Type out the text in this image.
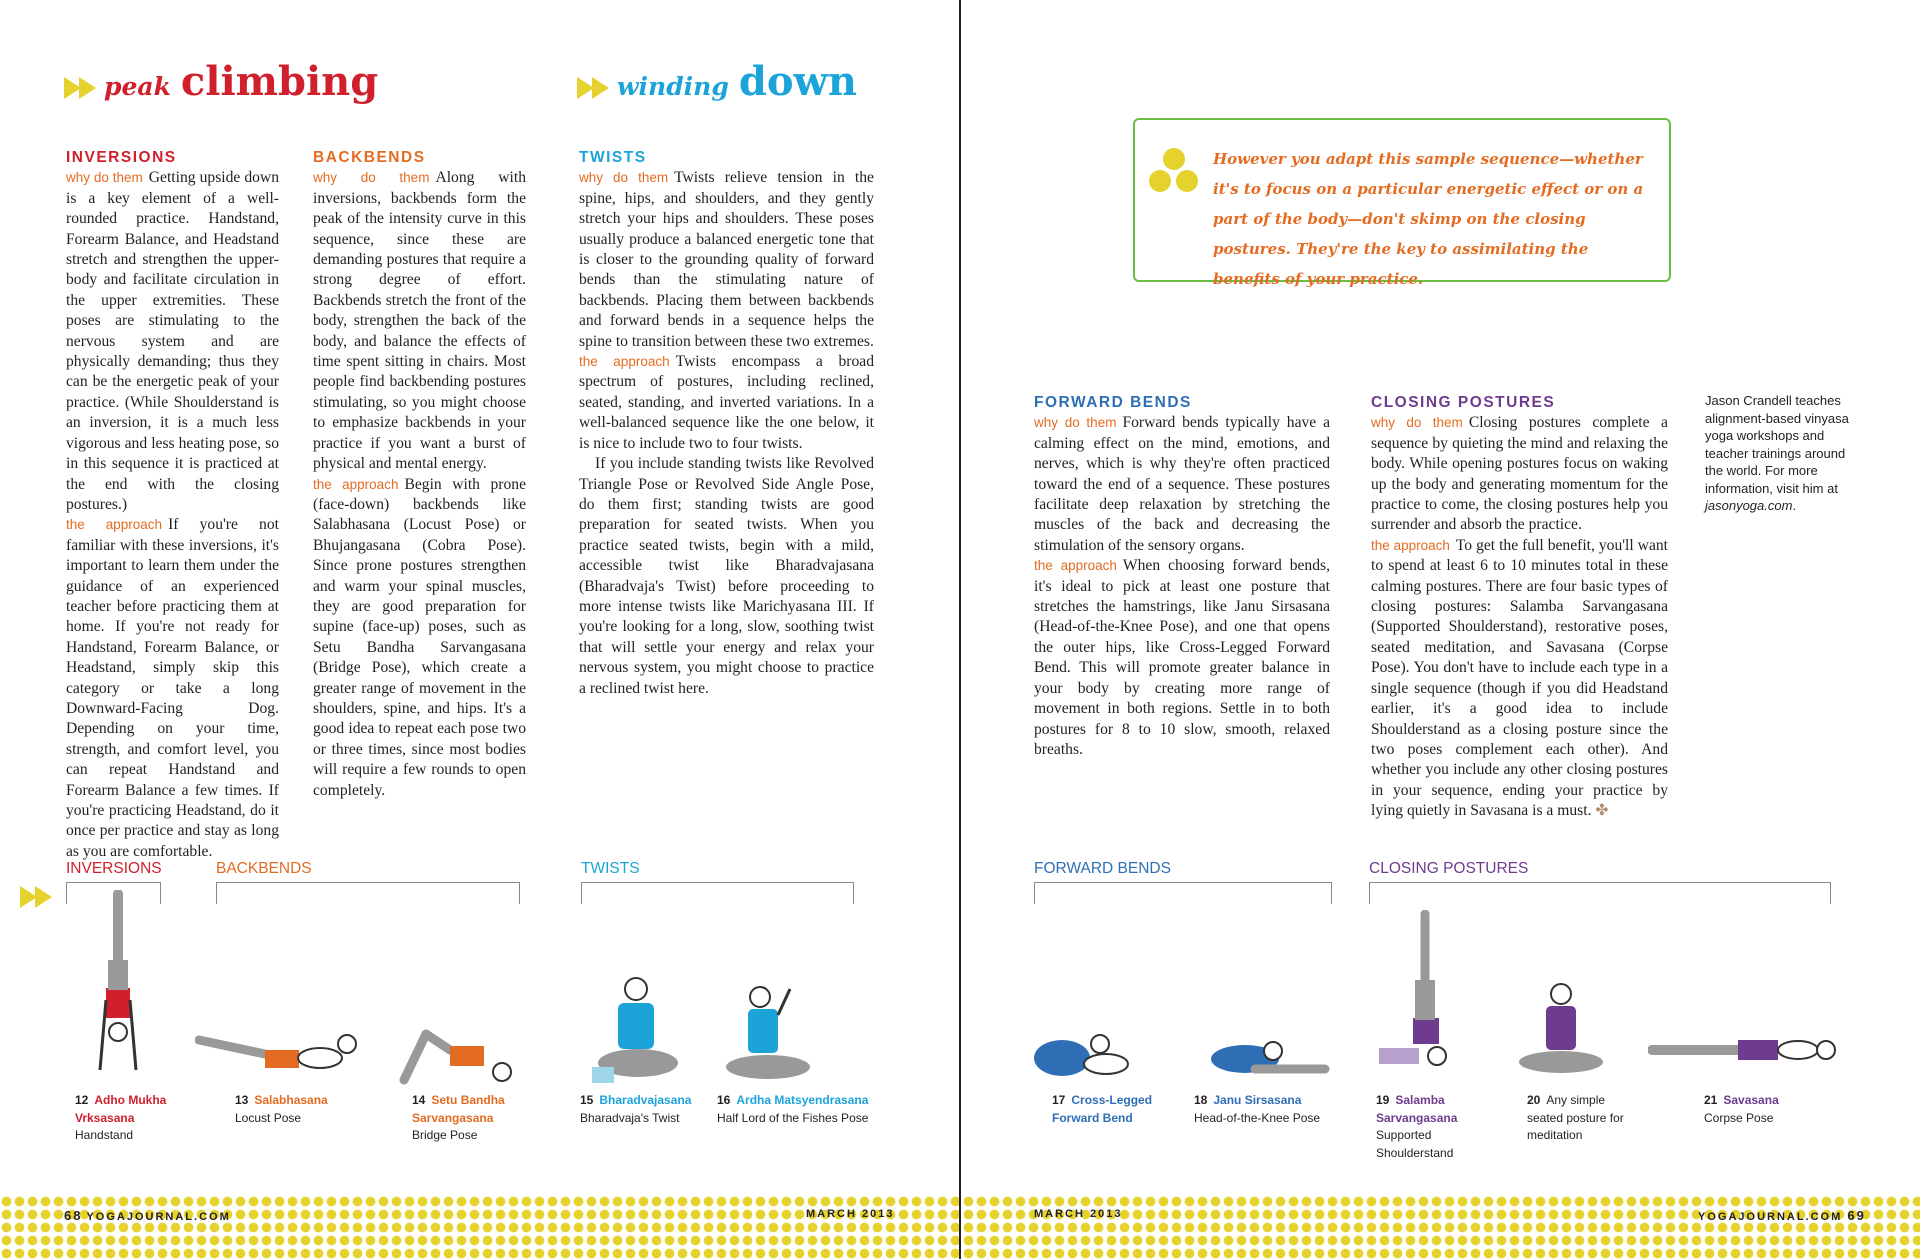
peak climbing	winding down
INVERSIONS

why do them Getting upside down is a key element of a well-rounded practice. Handstand, Forearm Balance, and Headstand stretch and strengthen the upper-body and facilitate circulation in the upper extremities. These poses are stimulating to the nervous system and are physically demanding; thus they can be the energetic peak of your practice. (While Shoulderstand is an inversion, it is a much less vigorous and less heating pose, so in this sequence it is practiced at the end with the closing postures.)

the approach If you're not familiar with these inversions, it's important to learn them under the guidance of an experienced teacher before practicing them at home. If you're not ready for Handstand, Forearm Balance, or Headstand, simply skip this category or take a long Downward-Facing Dog. Depending on your time, strength, and comfort level, you can repeat Handstand and Forearm Balance a few times. If you're practicing Headstand, do it once per practice and stay as long as you are comfortable.

BACKBENDS

why do them Along with inversions, backbends form the peak of the intensity curve in this sequence, since these are demanding postures that require a strong degree of effort. Backbends stretch the front of the body, strengthen the back of the body, and balance the effects of time spent sitting in chairs. Most people find backbending postures stimulating, so you might choose to emphasize backbends in your practice if you want a burst of physical and mental energy.

the approach Begin with prone (face-down) backbends like Salabhasana (Locust Pose) or Bhujangasana (Cobra Pose). Since prone postures strengthen and warm your spinal muscles, they are good preparation for supine (face-up) poses, such as Setu Bandha Sarvangasana (Bridge Pose), which create a greater range of movement in the shoulders, spine, and hips. It's a good idea to repeat each pose two or three times, since most bodies will require a few rounds to open completely.

TWISTS

why do them Twists relieve tension in the spine, hips, and shoulders, and they gently stretch your hips and shoulders. These poses usually produce a balanced energetic tone that is closer to the grounding quality of forward bends than the stimulating nature of backbends. Placing them between backbends and forward bends in a sequence helps the spine to transition between these two extremes.

the approach Twists encompass a broad spectrum of postures, including reclined, seated, standing, and inverted variations. In a well-balanced sequence like the one below, it is nice to include two to four twists.

If you include standing twists like Revolved Triangle Pose or Revolved Side Angle Pose, do them first; standing twists are good preparation for seated twists. When you practice seated twists, begin with a mild, accessible twist like Bharadvajasana (Bharadvaja's Twist) before proceeding to more intense twists like Marichyasana III. If you're looking for a long, slow, soothing twist that will settle your energy and relax your nervous system, you might choose to practice a reclined twist here.

However you adapt this sample sequence—whether it's to focus on a particular energetic effect or on a part of the body—don't skimp on the closing postures. They're the key to assimilating the benefits of your practice.
FORWARD BENDS

why do them Forward bends typically have a calming effect on the mind, emotions, and nerves, which is why they're often practiced toward the end of a sequence. These postures facilitate deep relaxation by stretching the muscles of the back and decreasing the stimulation of the sensory organs.

the approach When choosing forward bends, it's ideal to pick at least one posture that stretches the hamstrings, like Janu Sirsasana (Head-of-the-Knee Pose), and one that opens the outer hips, like Cross-Legged Forward Bend. This will promote greater balance in your body by creating more range of movement in both regions. Settle in to both postures for 8 to 10 slow, smooth, relaxed breaths.

CLOSING POSTURES

why do them Closing postures complete a sequence by quieting the mind and relaxing the body. While opening postures focus on waking up the body and generating momentum for the practice to come, the closing postures help you surrender and absorb the practice.

the approach To get the full benefit, you'll want to spend at least 6 to 10 minutes total in these calming postures. There are four basic types of closing postures: Salamba Sarvangasana (Supported Shoulderstand), restorative poses, seated meditation, and Savasana (Corpse Pose). You don't have to include each type in a single sequence (though if you did Headstand earlier, it's a good idea to include Shoulderstand as a closing posture since the two poses complement each other). And whether you include any other closing postures in your sequence, ending your practice by lying quietly in Savasana is a must. ✤

Jason Crandell teaches alignment-based vinyasa yoga workshops and teacher trainings around the world. For more information, visit him at jasonyoga.com.
INVERSIONS	BACKBENDS	TWISTS	FORWARD BENDS	CLOSING POSTURES
12 Adho Mukha Vrksasana
Handstand
13 Salabhasana
Locust Pose
14 Setu Bandha Sarvangasana
Bridge Pose
15 Bharadvajasana
Bharadvaja's Twist
16 Ardha Matsyendrasana
Half Lord of the Fishes Pose
17 Cross-Legged Forward Bend
18 Janu Sirsasana
Head-of-the-Knee Pose
19 Salamba Sarvangasana
Supported Shoulderstand
20 Any simple seated posture for meditation
21 Savasana
Corpse Pose
68 YOGAJOURNAL.COM	MARCH 2013	MARCH 2013	YOGAJOURNAL.COM 69
